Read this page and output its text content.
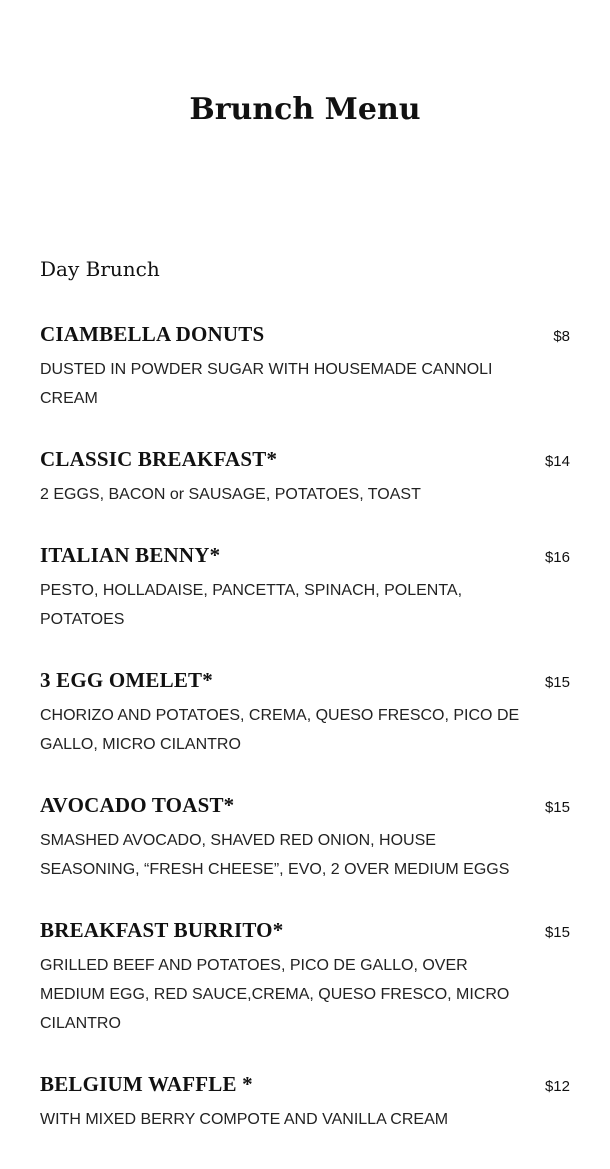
Brunch Menu
Day Brunch
CIAMBELLA DONUTS	$8
DUSTED IN POWDER SUGAR WITH HOUSEMADE CANNOLI CREAM
CLASSIC BREAKFAST*	$14
2 EGGS, BACON or SAUSAGE, POTATOES, TOAST
ITALIAN BENNY*	$16
PESTO, HOLLADAISE, PANCETTA, SPINACH, POLENTA, POTATOES
3 EGG OMELET*	$15
CHORIZO AND POTATOES, CREMA, QUESO FRESCO, PICO DE GALLO, MICRO CILANTRO
AVOCADO TOAST*	$15
SMASHED AVOCADO, SHAVED RED ONION, HOUSE SEASONING, “FRESH CHEESE”, EVO, 2 OVER MEDIUM EGGS
BREAKFAST BURRITO*	$15
GRILLED BEEF AND POTATOES, PICO DE GALLO, OVER MEDIUM EGG, RED SAUCE,CREMA, QUESO FRESCO, MICRO CILANTRO
BELGIUM WAFFLE *	$12
WITH MIXED BERRY COMPOTE AND VANILLA CREAM
